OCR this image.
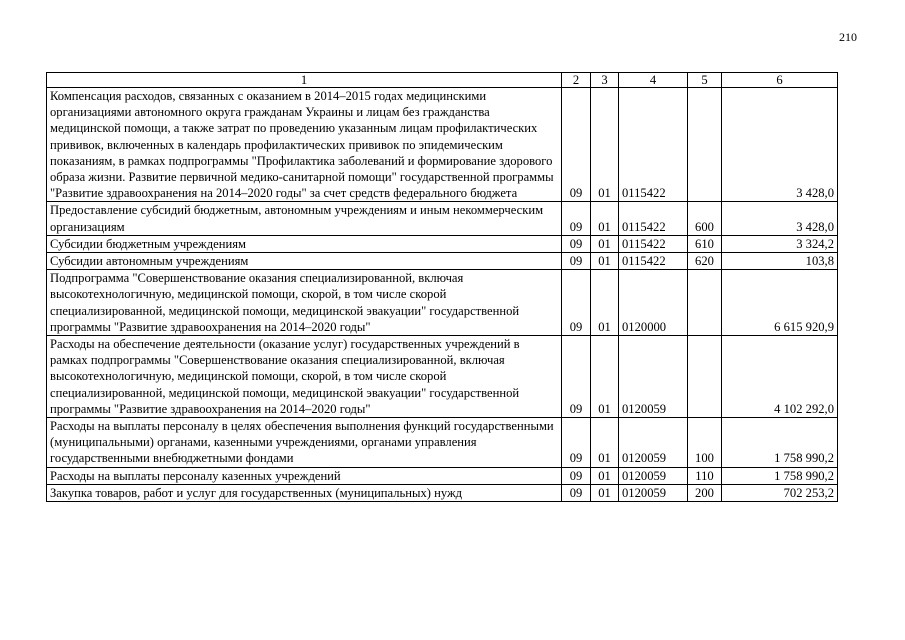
210
1	2	3	4	5	6
Компенсация расходов, связанных с оказанием в 2014–2015 годах медицинскими организациями автономного округа гражданам Украины и лицам без гражданства медицинской помощи, а также затрат по проведению указанным лицам профилактических прививок, включенных в календарь профилактических прививок по эпидемическим показаниям, в рамках подпрограммы "Профилактика заболеваний и формирование здорового образа жизни. Развитие первичной медико-санитарной помощи" государственной программы "Развитие здравоохранения на 2014–2020 годы" за счет средств федерального бюджета	09	01	0115422		3 428,0
Предоставление субсидий бюджетным, автономным учреждениям и иным некоммерческим организациям	09	01	0115422	600	3 428,0
Субсидии бюджетным учреждениям	09	01	0115422	610	3 324,2
Субсидии автономным учреждениям	09	01	0115422	620	103,8
Подпрограмма "Совершенствование оказания специализированной, включая высокотехнологичную, медицинской помощи, скорой, в том числе скорой специализированной, медицинской помощи, медицинской эвакуации" государственной программы "Развитие здравоохранения на 2014–2020 годы"	09	01	0120000		6 615 920,9
Расходы на обеспечение деятельности (оказание услуг) государственных учреждений в рамках подпрограммы "Совершенствование оказания специализированной, включая высокотехнологичную, медицинской помощи, скорой, в том числе скорой специализированной, медицинской помощи, медицинской эвакуации" государственной программы "Развитие здравоохранения на 2014–2020 годы"	09	01	0120059		4 102 292,0
Расходы на выплаты персоналу в целях обеспечения выполнения функций государственными (муниципальными) органами, казенными учреждениями, органами управления государственными внебюджетными фондами	09	01	0120059	100	1 758 990,2
Расходы на выплаты персоналу казенных учреждений	09	01	0120059	110	1 758 990,2
Закупка товаров, работ и услуг для государственных (муниципальных) нужд	09	01	0120059	200	702 253,2
